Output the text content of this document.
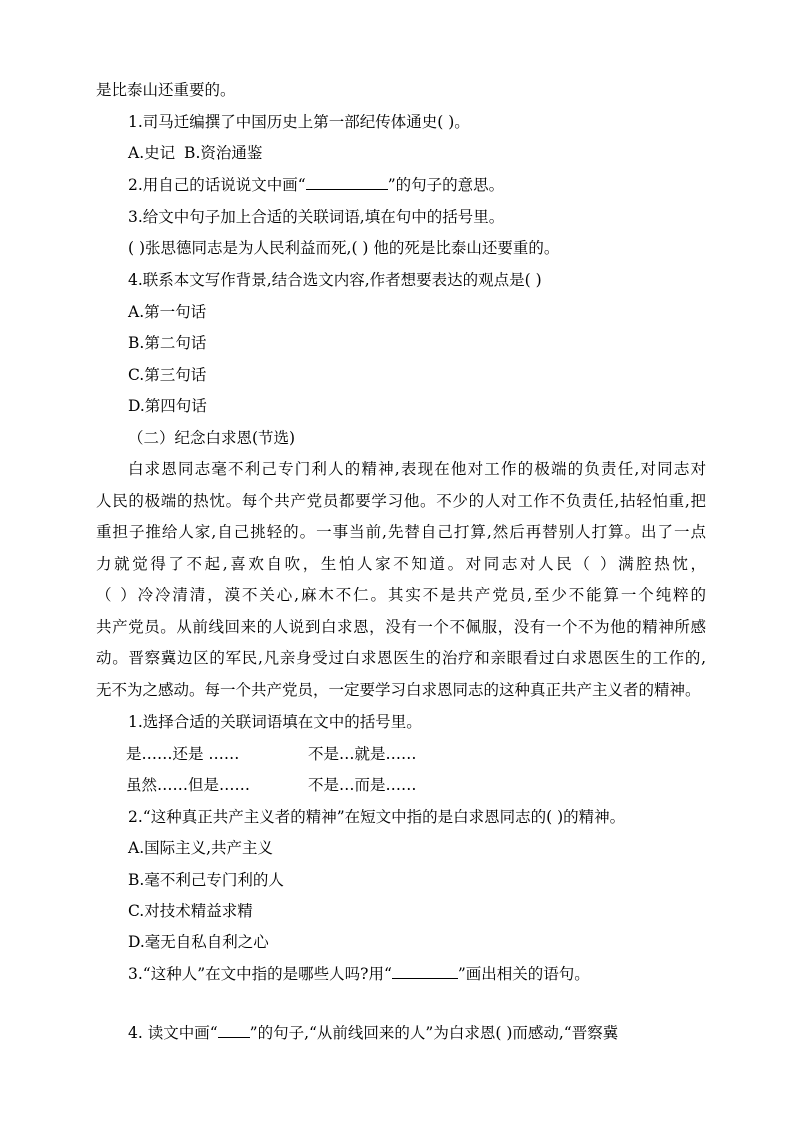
是比泰山还重要的。
1.司马迁编撰了中国历史上第一部纪传体通史( )。
A.史记 B.资治通鉴
2.用自己的话说说文中画“	”的句子的意思。
3.给文中句子加上合适的关联词语,填在句中的括号里。
( )张思德同志是为人民利益而死,( ) 他的死是比泰山还要重的。
4.联系本文写作背景,结合选文内容,作者想要表达的观点是( )
A.第一句话
B.第二句话
C.第三句话
D.第四句话
（二）纪念白求恩(节选)
白求恩同志毫不利己专门利人的精神,表现在他对工作的极端的负责任,对同志对
人民的极端的热忱。每个共产党员都要学习他。不少的人对工作不负责任,拈轻怕重,把
重担子推给人家,自己挑轻的。一事当前,先替自己打算,然后再替别人打算。出了一点
力就觉得了不起,喜欢自吹，生怕人家不知道。对同志对人民（ ）满腔热忱，
（ ）冷冷清清，漠不关心,麻木不仁。其实不是共产党员,至少不能算一个纯粹的
共产党员。从前线回来的人说到白求恩，没有一个不佩服，没有一个不为他的精神所感
动。晋察冀边区的军民,凡亲身受过白求恩医生的治疗和亲眼看过白求恩医生的工作的,
无不为之感动。每一个共产党员，一定要学习白求恩同志的这种真正共产主义者的精神。
1.选择合适的关联词语填在文中的括号里。
是……还是 ……	不是…就是……
虽然……但是……	不是…而是……
2.“这种真正共产主义者的精神”在短文中指的是白求恩同志的( )的精神。
A.国际主义,共产主义
B.毫不利己专门利的人
C.对技术精益求精
D.毫无自私自利之心
3.“这种人”在文中指的是哪些人吗?用“	”画出相关的语句。
4. 读文中画“ ”的句子,“从前线回来的人”为白求恩( )而感动,“晋察冀
